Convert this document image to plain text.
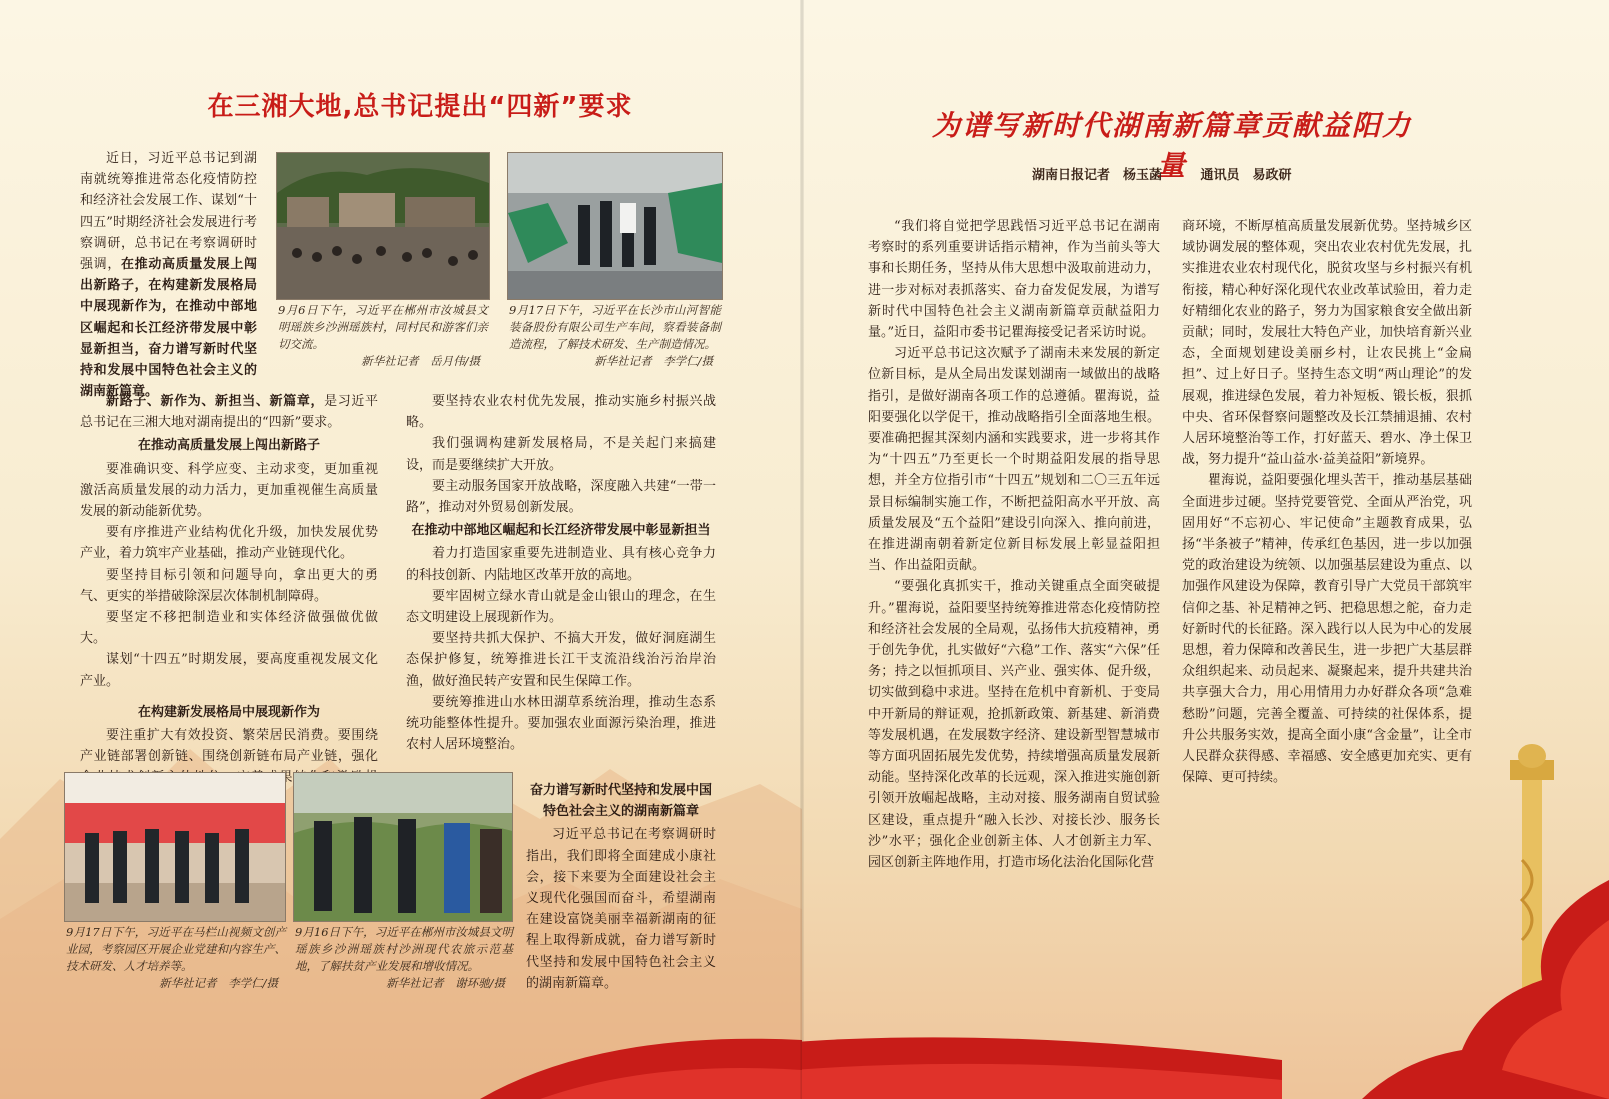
在三湘大地,总书记提出“四新”要求

近日，习近平总书记到湖南就统筹推进常态化疫情防控和经济社会发展工作、谋划“十四五”时期经济社会发展进行考察调研，总书记在考察调研时强调，在推动高质量发展上闯出新路子，在构建新发展格局中展现新作为，在推动中部地区崛起和长江经济带发展中彰显新担当，奋力谱写新时代坚持和发展中国特色社会主义的湖南新篇章。

9月6日下午，习近平在郴州市汝城县文明瑶族乡沙洲瑶族村，同村民和游客们亲切交流。
新华社记者　岳月伟/摄
9月17日下午，习近平在长沙市山河智能装备股份有限公司生产车间，察看装备制造流程，了解技术研发、生产制造情况。
新华社记者　李学仁/摄

新路子、新作为、新担当、新篇章，是习近平总书记在三湘大地对湖南提出的“四新”要求。

在推动高质量发展上闯出新路子

要准确识变、科学应变、主动求变，更加重视激活高质量发展的动力活力，更加重视催生高质量发展的新动能新优势。

要有序推进产业结构优化升级，加快发展优势产业，着力筑牢产业基础，推动产业链现代化。

要坚持目标引领和问题导向，拿出更大的勇气、更实的举措破除深层次体制机制障碍。

要坚定不移把制造业和实体经济做强做优做大。

谋划“十四五”时期发展，要高度重视发展文化产业。

在构建新发展格局中展现新作为

要注重扩大有效投资、繁荣居民消费。要围绕产业链部署创新链、围绕创新链布局产业链，强化 成果转化

要坚持农业农村优先发展，推动实施乡村振兴战略。

我们强调构建新发展格局，不是关起门来搞建设，而是要继续扩大开放。

要主动服务国家开放战略，深度融入共建“一带一路”，推动对外贸易创新发展。

在推动中部地区崛起和长江经济带发展中彰显新担当

着力打造国家重要先进制造业、具有核心竞争力的科技创新、内陆地区改革开放的高地。

要牢固树立绿水青山就是金山银山的理念，在生态文明建设上展现新作为。

要坚持共抓大保护、不搞大开发，做好洞庭湖生态保护修复，统筹推进长江干支流沿线治污治岸治渔，做好渔民转产安置和民生保障工作。

要统筹推进山水林田湖草系统治理，推动生态系统功能整体性提升。要加强农业面源污染治理，推进农村人居环境整治。

奋力谱写新时代坚持和发展中国特色社会主义的湖南新篇章

习近平总书记在考察调研时指出，我们即将全面建成小康社会，接下来要为全面建设社会主义现代化强国而奋斗，希望湖南在建设富饶美丽幸福新湖南的征程上取得新成就，奋力谱写新时代坚持和发展中国特色社会主义的湖南新篇章。

9月17日下午，习近平在马栏山视频文创产业园，考察园区开展企业党建和内容生产、技术研发、人才培养等。
新华社记者　李学仁/摄
9月16日下午，习近平在郴州市汝城县文明瑶族乡沙洲瑶族村沙洲现代农旅示范基地，了解扶贫产业发展和增收情况。
新华社记者　谢环驰/摄
为谱写新时代湖南新篇章贡献益阳力量
湖南日报记者　杨玉菡	通讯员　易政研

“我们将自觉把学思践悟习近平总书记在湖南考察时的系列重要讲话指示精神，作为当前头等大事和长期任务，坚持从伟大思想中汲取前进动力，进一步对标对表抓落实、奋力奋发促发展，为谱写新时代中国特色社会主义湖南新篇章贡献益阳力量。”近日，益阳市委书记瞿海接受记者采访时说。

习近平总书记这次赋予了湖南未来发展的新定位新目标，是从全局出发谋划湖南一域做出的战略指引，是做好湖南各项工作的总遵循。瞿海说，益阳要强化以学促干，推动战略指引全面落地生根。要准确把握其深刻内涵和实践要求，进一步将其作为“十四五”乃至更长一个时期益阳发展的指导思想，并全方位指引市“十四五”规划和二〇三五年远景目标编制实施工作，不断把益阳高水平开放、高质量发展及“五个益阳”建设引向深入、推向前进，在推进湖南朝着新定位新目标发展上彰显益阳担当、作出益阳贡献。

“要强化真抓实干，推动关键重点全面突破提升。”瞿海说，益阳要坚持统筹推进常态化疫情防控和经济社会发展的全局观，弘扬伟大抗疫精神，勇于创先争优，扎实做好“六稳”工作、落实“六保”任务；持之以恒抓项目、兴产业、强实体、促升级，切实做到稳中求进。坚持在危机中育新机、于变局中开新局的辩证观，抢抓新政策、新基建、新消费等发展机遇，在发展数字经济、建设新型智慧城市等方面巩固拓展先发优势，持续增强高质量发展新动能。坚持深化改革的长远观，深入推进实施创新引领开放崛起战略，主动对接、服务湖南自贸试验区建设，重点提升“融入长沙、对接长沙、服务长沙”水平；强化企业创新主体、人才创新主力军、园区创新主阵地作用，打造市场化法治化国际化营

商环境，不断厚植高质量发展新优势。坚持城乡区域协调发展的整体观，突出农业农村优先发展，扎实推进农业农村现代化，脱贫攻坚与乡村振兴有机衔接，精心种好深化现代农业改革试验田，着力走好精细化农业的路子，努力为国家粮食安全做出新贡献；同时，发展壮大特色产业，加快培育新兴业态，全面规划建设美丽乡村，让农民挑上“金扁担”、过上好日子。坚持生态文明“两山理论”的发展观，推进绿色发展，着力补短板、锻长板，狠抓中央、省环保督察问题整改及长江禁捕退捕、农村人居环境整治等工作，打好蓝天、碧水、净土保卫战，努力提升“益山益水·益美益阳”新境界。

瞿海说，益阳要强化埋头苦干，推动基层基础全面进步过硬。坚持党要管党、全面从严治党，巩固用好“不忘初心、牢记使命”主题教育成果，弘扬“半条被子”精神，传承红色基因，进一步以加强党的政治建设为统领、以加强基层建设为重点、以加强作风建设为保障，教育引导广大党员干部筑牢信仰之基、补足精神之钙、把稳思想之舵，奋力走好新时代的长征路。深入践行以人民为中心的发展思想，着力保障和改善民生，进一步把广大基层群众组织起来、动员起来、凝聚起来，提升共建共治共享强大合力，用心用情用力办好群众各项“急难愁盼”问题，完善全覆盖、可持续的社保体系，提升公共服务实效，提高全面小康“含金量”，让全市人民群众获得感、幸福感、安全感更加充实、更有保障、更可持续。
